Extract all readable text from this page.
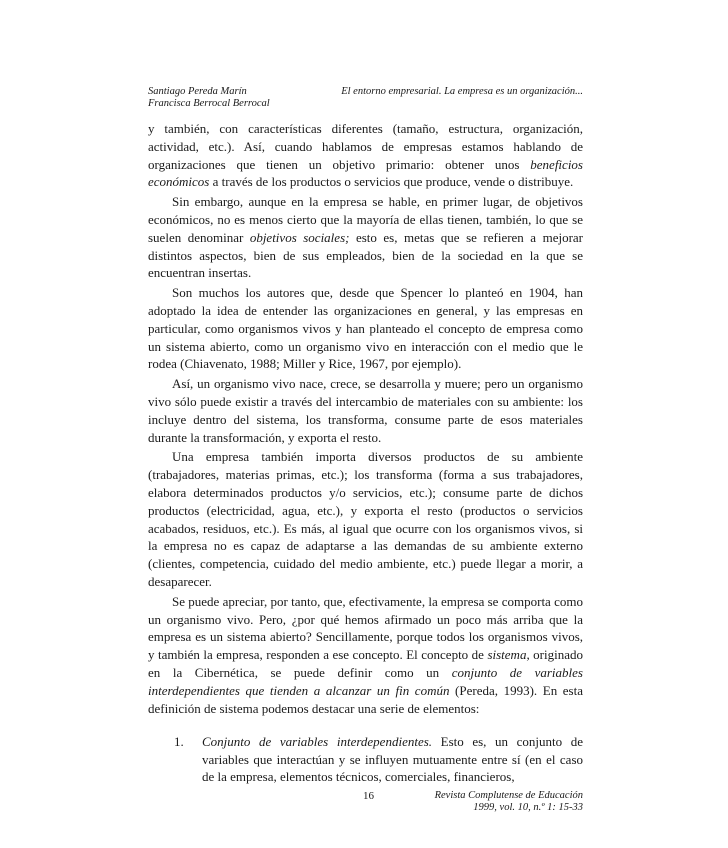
Santiago Pereda Marín
Francisca Berrocal Berrocal
El entorno empresarial. La empresa es un organización...

y también, con características diferentes (tamaño, estructura, organización, actividad, etc.). Así, cuando hablamos de empresas estamos hablando de organizaciones que tienen un objetivo primario: obtener unos beneficios económicos a través de los productos o servicios que produce, vende o distribuye.

Sin embargo, aunque en la empresa se hable, en primer lugar, de objetivos económicos, no es menos cierto que la mayoría de ellas tienen, también, lo que se suelen denominar objetivos sociales; esto es, metas que se refieren a mejorar distintos aspectos, bien de sus empleados, bien de la sociedad en la que se encuentran insertas.

Son muchos los autores que, desde que Spencer lo planteó en 1904, han adoptado la idea de entender las organizaciones en general, y las empresas en particular, como organismos vivos y han planteado el concepto de empresa como un sistema abierto, como un organismo vivo en interacción con el medio que le rodea (Chiavenato, 1988; Miller y Rice, 1967, por ejemplo).

Así, un organismo vivo nace, crece, se desarrolla y muere; pero un organismo vivo sólo puede existir a través del intercambio de materiales con su ambiente: los incluye dentro del sistema, los transforma, consume parte de esos materiales durante la transformación, y exporta el resto.

Una empresa también importa diversos productos de su ambiente (trabajadores, materias primas, etc.); los transforma (forma a sus trabajadores, elabora determinados productos y/o servicios, etc.); consume parte de dichos productos (electricidad, agua, etc.), y exporta el resto (productos o servicios acabados, residuos, etc.). Es más, al igual que ocurre con los organismos vivos, si la empresa no es capaz de adaptarse a las demandas de su ambiente externo (clientes, competencia, cuidado del medio ambiente, etc.) puede llegar a morir, a desaparecer.

Se puede apreciar, por tanto, que, efectivamente, la empresa se comporta como un organismo vivo. Pero, ¿por qué hemos afirmado un poco más arriba que la empresa es un sistema abierto? Sencillamente, porque todos los organismos vivos, y también la empresa, responden a ese concepto. El concepto de sistema, originado en la Cibernética, se puede definir como un conjunto de variables interdependientes que tienden a alcanzar un fin común (Pereda, 1993). En esta definición de sistema podemos destacar una serie de elementos:

1. Conjunto de variables interdependientes. Esto es, un conjunto de variables que interactúan y se influyen mutuamente entre sí (en el caso de la empresa, elementos técnicos, comerciales, financieros,
16	Revista Complutense de Educación
1999, vol. 10, n.º 1: 15-33
